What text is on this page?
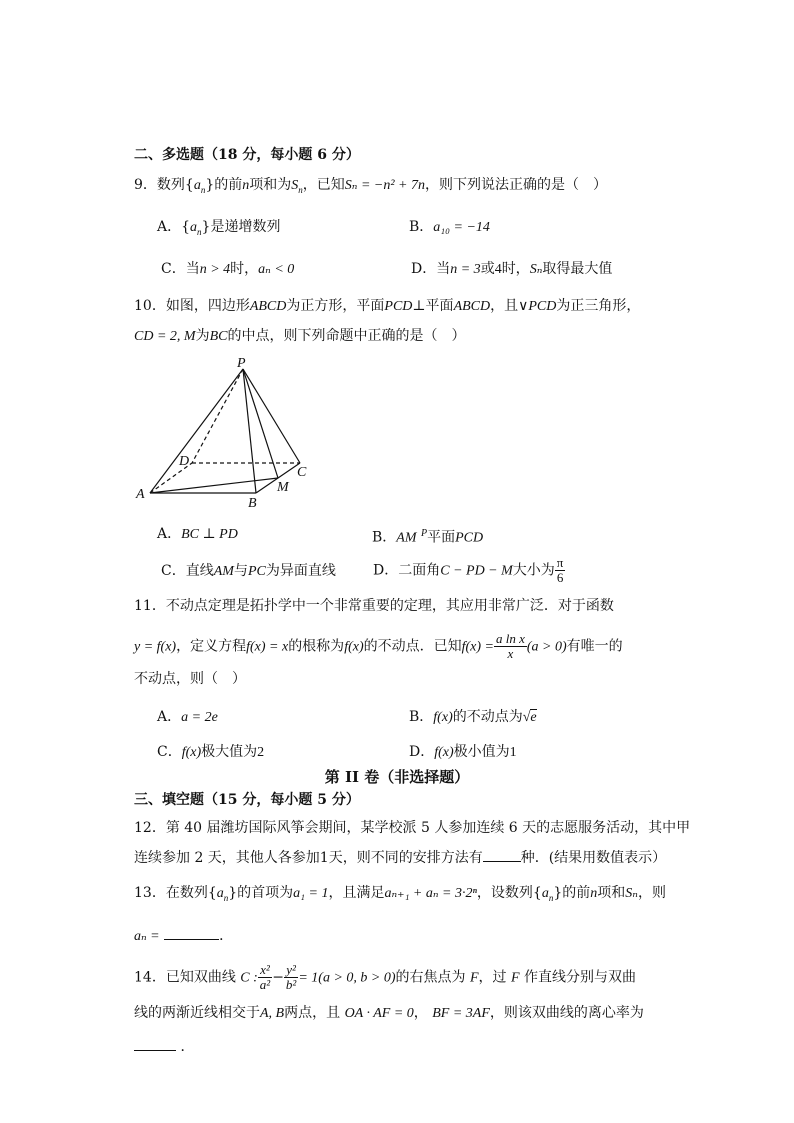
二、多选题（18 分，每小题 6 分）
9．数列$\{a_n\}$的前n项和为$S_n$，已知Sₙ = −n² + 7n，则下列说法正确的是（　）
A．$\{a_n\}$是递增数列	B．a₁₀ = −14
C．当n > 4时，aₙ < 0	D．当n = 3或4时，Sₙ取得最大值
10．如图，四边形ABCD为正方形，平面PCD⊥平面ABCD，且∨PCD为正三角形，
CD = 2, M为BC的中点，则下列命题中正确的是（　）
P
D
C
A
B
M
A．BC ⊥ PD	B．AM $^P$平面PCD
C．直线AM与PC为异面直线	D．二面角C − PD − M大小为 $\frac{\pi}{6}$
11．不动点定理是拓扑学中一个非常重要的定理，其应用非常广泛．对于函数
y = f(x)，定义方程f(x) = x的根称为f(x)的不动点．已知$f(x) = \frac{\text{a ln x}}{x} (a > 0)$有唯一的
不动点，则（　）
A．a = 2e	B．f(x)的不动点为√e
C．f(x)极大值为2	D．f(x)极小值为1
第 II 卷（非选择题）
三、填空题（15 分，每小题 5 分）
12．第 40 届潍坊国际风筝会期间，某学校派 5 人参加连续 6 天的志愿服务活动，其中甲
连续参加 2 天，其他人各参加1天，则不同的安排方法有	种．(结果用数值表示）
13．在数列$\{a_n\}$的首项为a₁ = 1，且满足aₙ₊₁ + aₙ = 3·2ⁿ，设数列$\{a_n\}$的前n项和Sₙ，则
aₙ =	．
14．已知双曲线 C : $\frac{\text{x²}}{\text{a²}} - \frac{\text{y²}}{\text{b²}} = 1(a > 0$, b > 0)的右焦点为 F，过 F 作直线分别与双曲
线的两渐近线相交于A, B两点，且 OA · AF = 0， BF = 3AF，则该双曲线的离心率为
．
